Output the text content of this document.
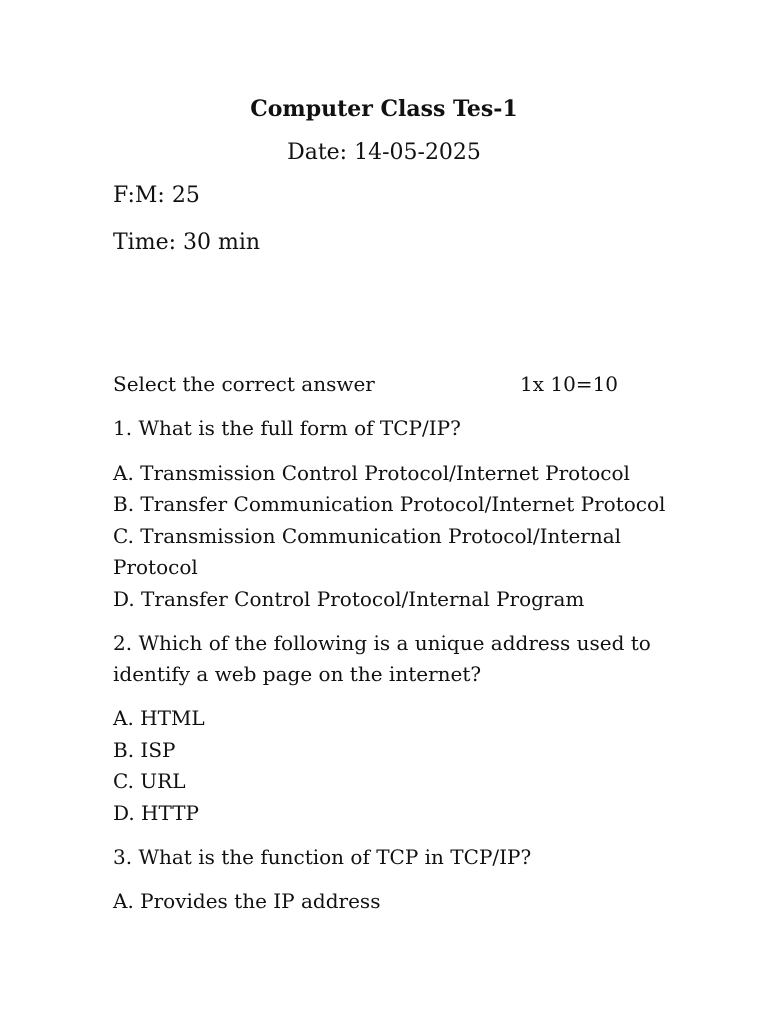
Computer Class Tes-1
Date: 14-05-2025
F:M: 25
Time: 30 min
Select the correct answer	1x 10=10
1. What is the full form of TCP/IP?
A. Transmission Control Protocol/Internet Protocol
B. Transfer Communication Protocol/Internet Protocol
C. Transmission Communication Protocol/Internal
Protocol
D. Transfer Control Protocol/Internal Program
2. Which of the following is a unique address used to
identify a web page on the internet?
A. HTML
B. ISP
C. URL
D. HTTP
3. What is the function of TCP in TCP/IP?
A. Provides the IP address
